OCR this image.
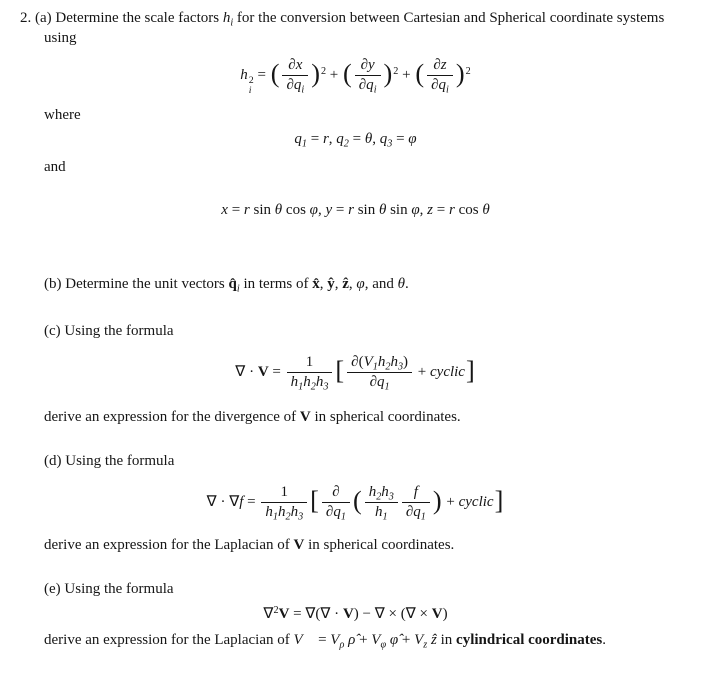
2. (a) Determine the scale factors $h_i$ for the conversion between Cartesian and Spherical coordinate systems using
h 2
i
= ( $\frac{\partial x}{\partial q_i} )^2$ + ( $\frac{\partial y}{\partial q_i} )^2$ + ( $\frac{\partial z}{\partial q_i} )^2$
where
$q_1 = r$, $q_2 = \theta$, $q_3 = \varphi$
and
x = r sin θ cos φ, y = r sin θ sin φ, z = r cos θ
(b) Determine the unit vectors $q̂_i$ in terms of x̂, ŷ, ẑ, φ, and θ.
(c) Using the formula
∇ · $V = \frac{1}{h_1h_2h_3}$ [ $\frac{\partial(V_1h_2h_3)}{\partial q_1}$ + cyclic]
derive an expression for the divergence of V in spherical coordinates.
(d) Using the formula
∇ · $\nabla f = \frac{1}{h_1h_2h_3}$ [ $\frac{\partial}{\partial q_1}$ ( $\frac{h_2h_3}{h_1} \frac{f}{\partial q_1}$ ) + cyclic]
derive an expression for the Laplacian of V in spherical coordinates.
(e) Using the formula
∇$^2$V = ∇(∇ · V) − ∇ × (∇ × V)
derive an expression for the Laplacian of V⃗ = $V_\rho$ ρ̂ + $V_\varphi$ φ̂ + $V_z$ ẑ in cylindrical coordinates.
